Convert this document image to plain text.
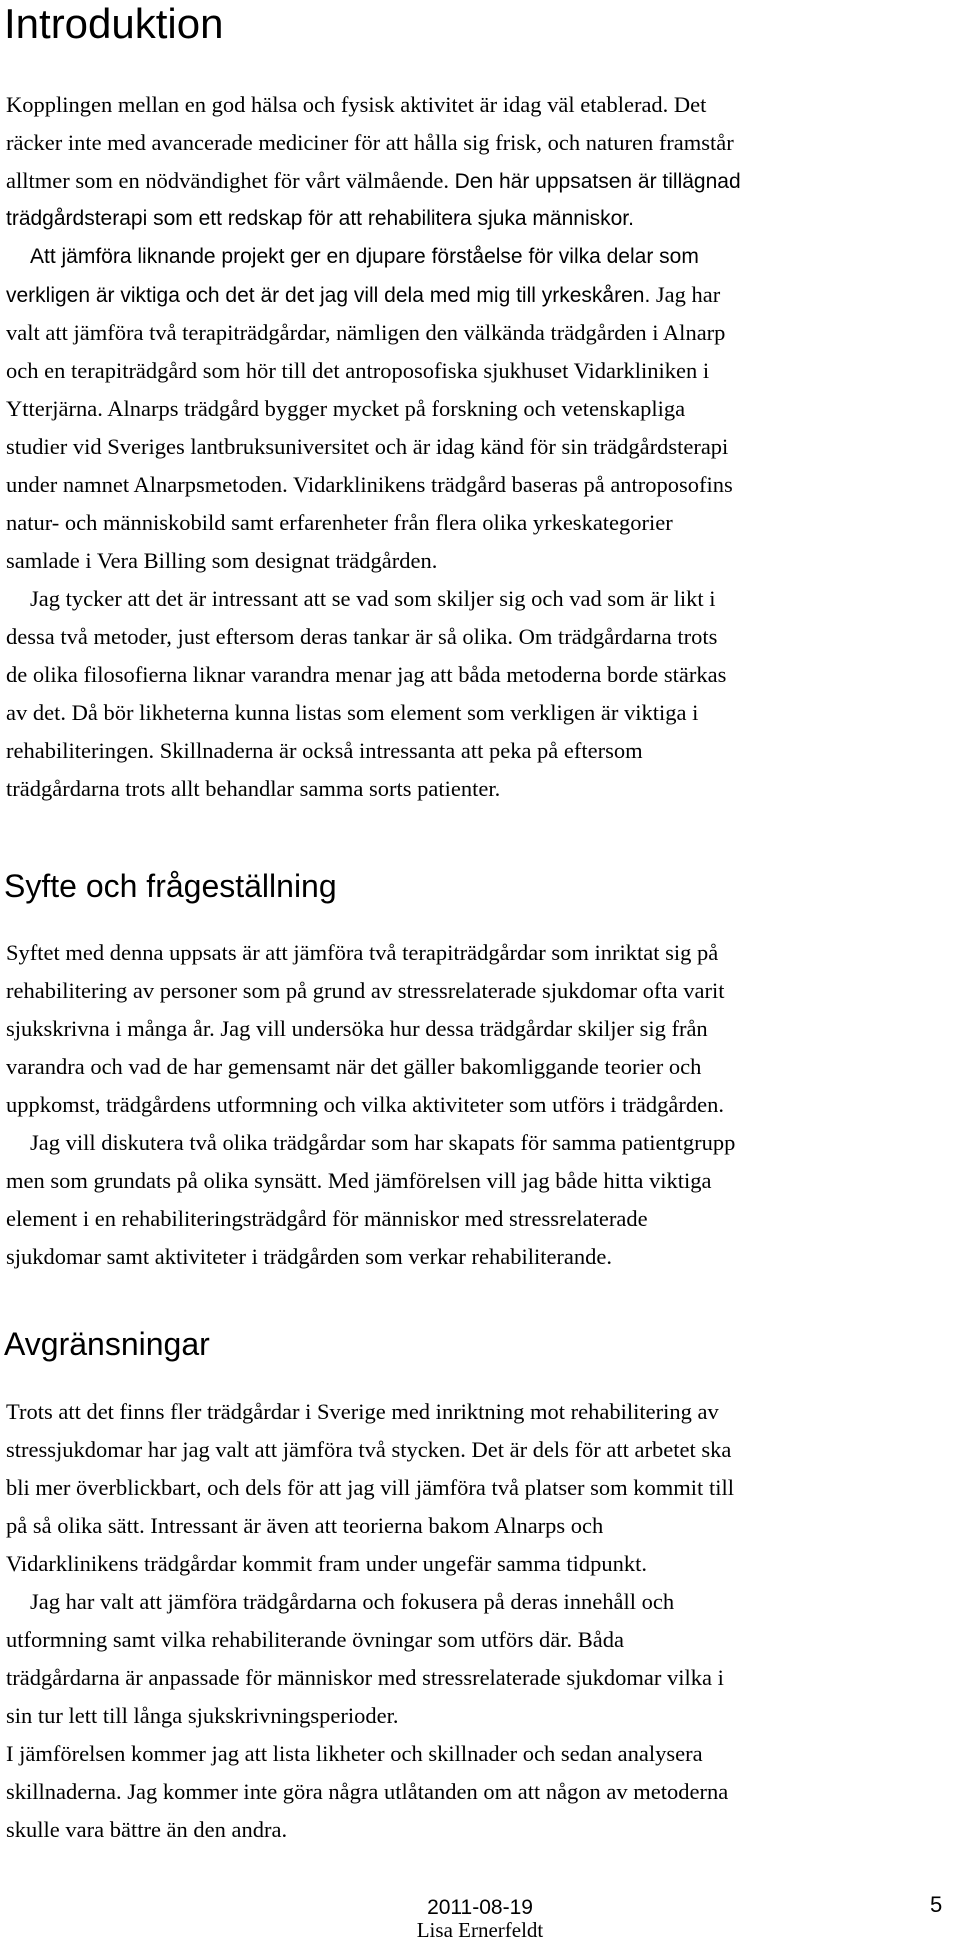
Introduktion
Kopplingen mellan en god hälsa och fysisk aktivitet är idag väl etablerad. Det
räcker inte med avancerade mediciner för att hålla sig frisk, och naturen framstår
alltmer som en nödvändighet för vårt välmående. Den här uppsatsen är tillägnad
trädgårdsterapi som ett redskap för att rehabilitera sjuka människor.
Att jämföra liknande projekt ger en djupare förståelse för vilka delar som
verkligen är viktiga och det är det jag vill dela med mig till yrkeskåren. Jag har
valt att jämföra två terapiträdgårdar, nämligen den välkända trädgården i Alnarp
och en terapiträdgård som hör till det antroposofiska sjukhuset Vidarkliniken i
Ytterjärna. Alnarps trädgård bygger mycket på forskning och vetenskapliga
studier vid Sveriges lantbruksuniversitet och är idag känd för sin trädgårdsterapi
under namnet Alnarpsmetoden. Vidarklinikens trädgård baseras på antroposofins
natur- och människobild samt erfarenheter från flera olika yrkeskategorier
samlade i Vera Billing som designat trädgården.
Jag tycker att det är intressant att se vad som skiljer sig och vad som är likt i
dessa två metoder, just eftersom deras tankar är så olika. Om trädgårdarna trots
de olika filosofierna liknar varandra menar jag att båda metoderna borde stärkas
av det. Då bör likheterna kunna listas som element som verkligen är viktiga i
rehabiliteringen. Skillnaderna är också intressanta att peka på eftersom
trädgårdarna trots allt behandlar samma sorts patienter.
Syfte och frågeställning
Syftet med denna uppsats är att jämföra två terapiträdgårdar som inriktat sig på
rehabilitering av personer som på grund av stressrelaterade sjukdomar ofta varit
sjukskrivna i många år. Jag vill undersöka hur dessa trädgårdar skiljer sig från
varandra och vad de har gemensamt när det gäller bakomliggande teorier och
uppkomst, trädgårdens utformning och vilka aktiviteter som utförs i trädgården.
Jag vill diskutera två olika trädgårdar som har skapats för samma patientgrupp
men som grundats på olika synsätt. Med jämförelsen vill jag både hitta viktiga
element i en rehabiliteringsträdgård för människor med stressrelaterade
sjukdomar samt aktiviteter i trädgården som verkar rehabiliterande.
Avgränsningar
Trots att det finns fler trädgårdar i Sverige med inriktning mot rehabilitering av
stressjukdomar har jag valt att jämföra två stycken. Det är dels för att arbetet ska
bli mer överblickbart, och dels för att jag vill jämföra två platser som kommit till
på så olika sätt. Intressant är även att teorierna bakom Alnarps och
Vidarklinikens trädgårdar kommit fram under ungefär samma tidpunkt.
Jag har valt att jämföra trädgårdarna och fokusera på deras innehåll och
utformning samt vilka rehabiliterande övningar som utförs där. Båda
trädgårdarna är anpassade för människor med stressrelaterade sjukdomar vilka i
sin tur lett till långa sjukskrivningsperioder.
I jämförelsen kommer jag att lista likheter och skillnader och sedan analysera
skillnaderna. Jag kommer inte göra några utlåtanden om att någon av metoderna
skulle vara bättre än den andra.
2011-08-19
Lisa Ernerfeldt
5
